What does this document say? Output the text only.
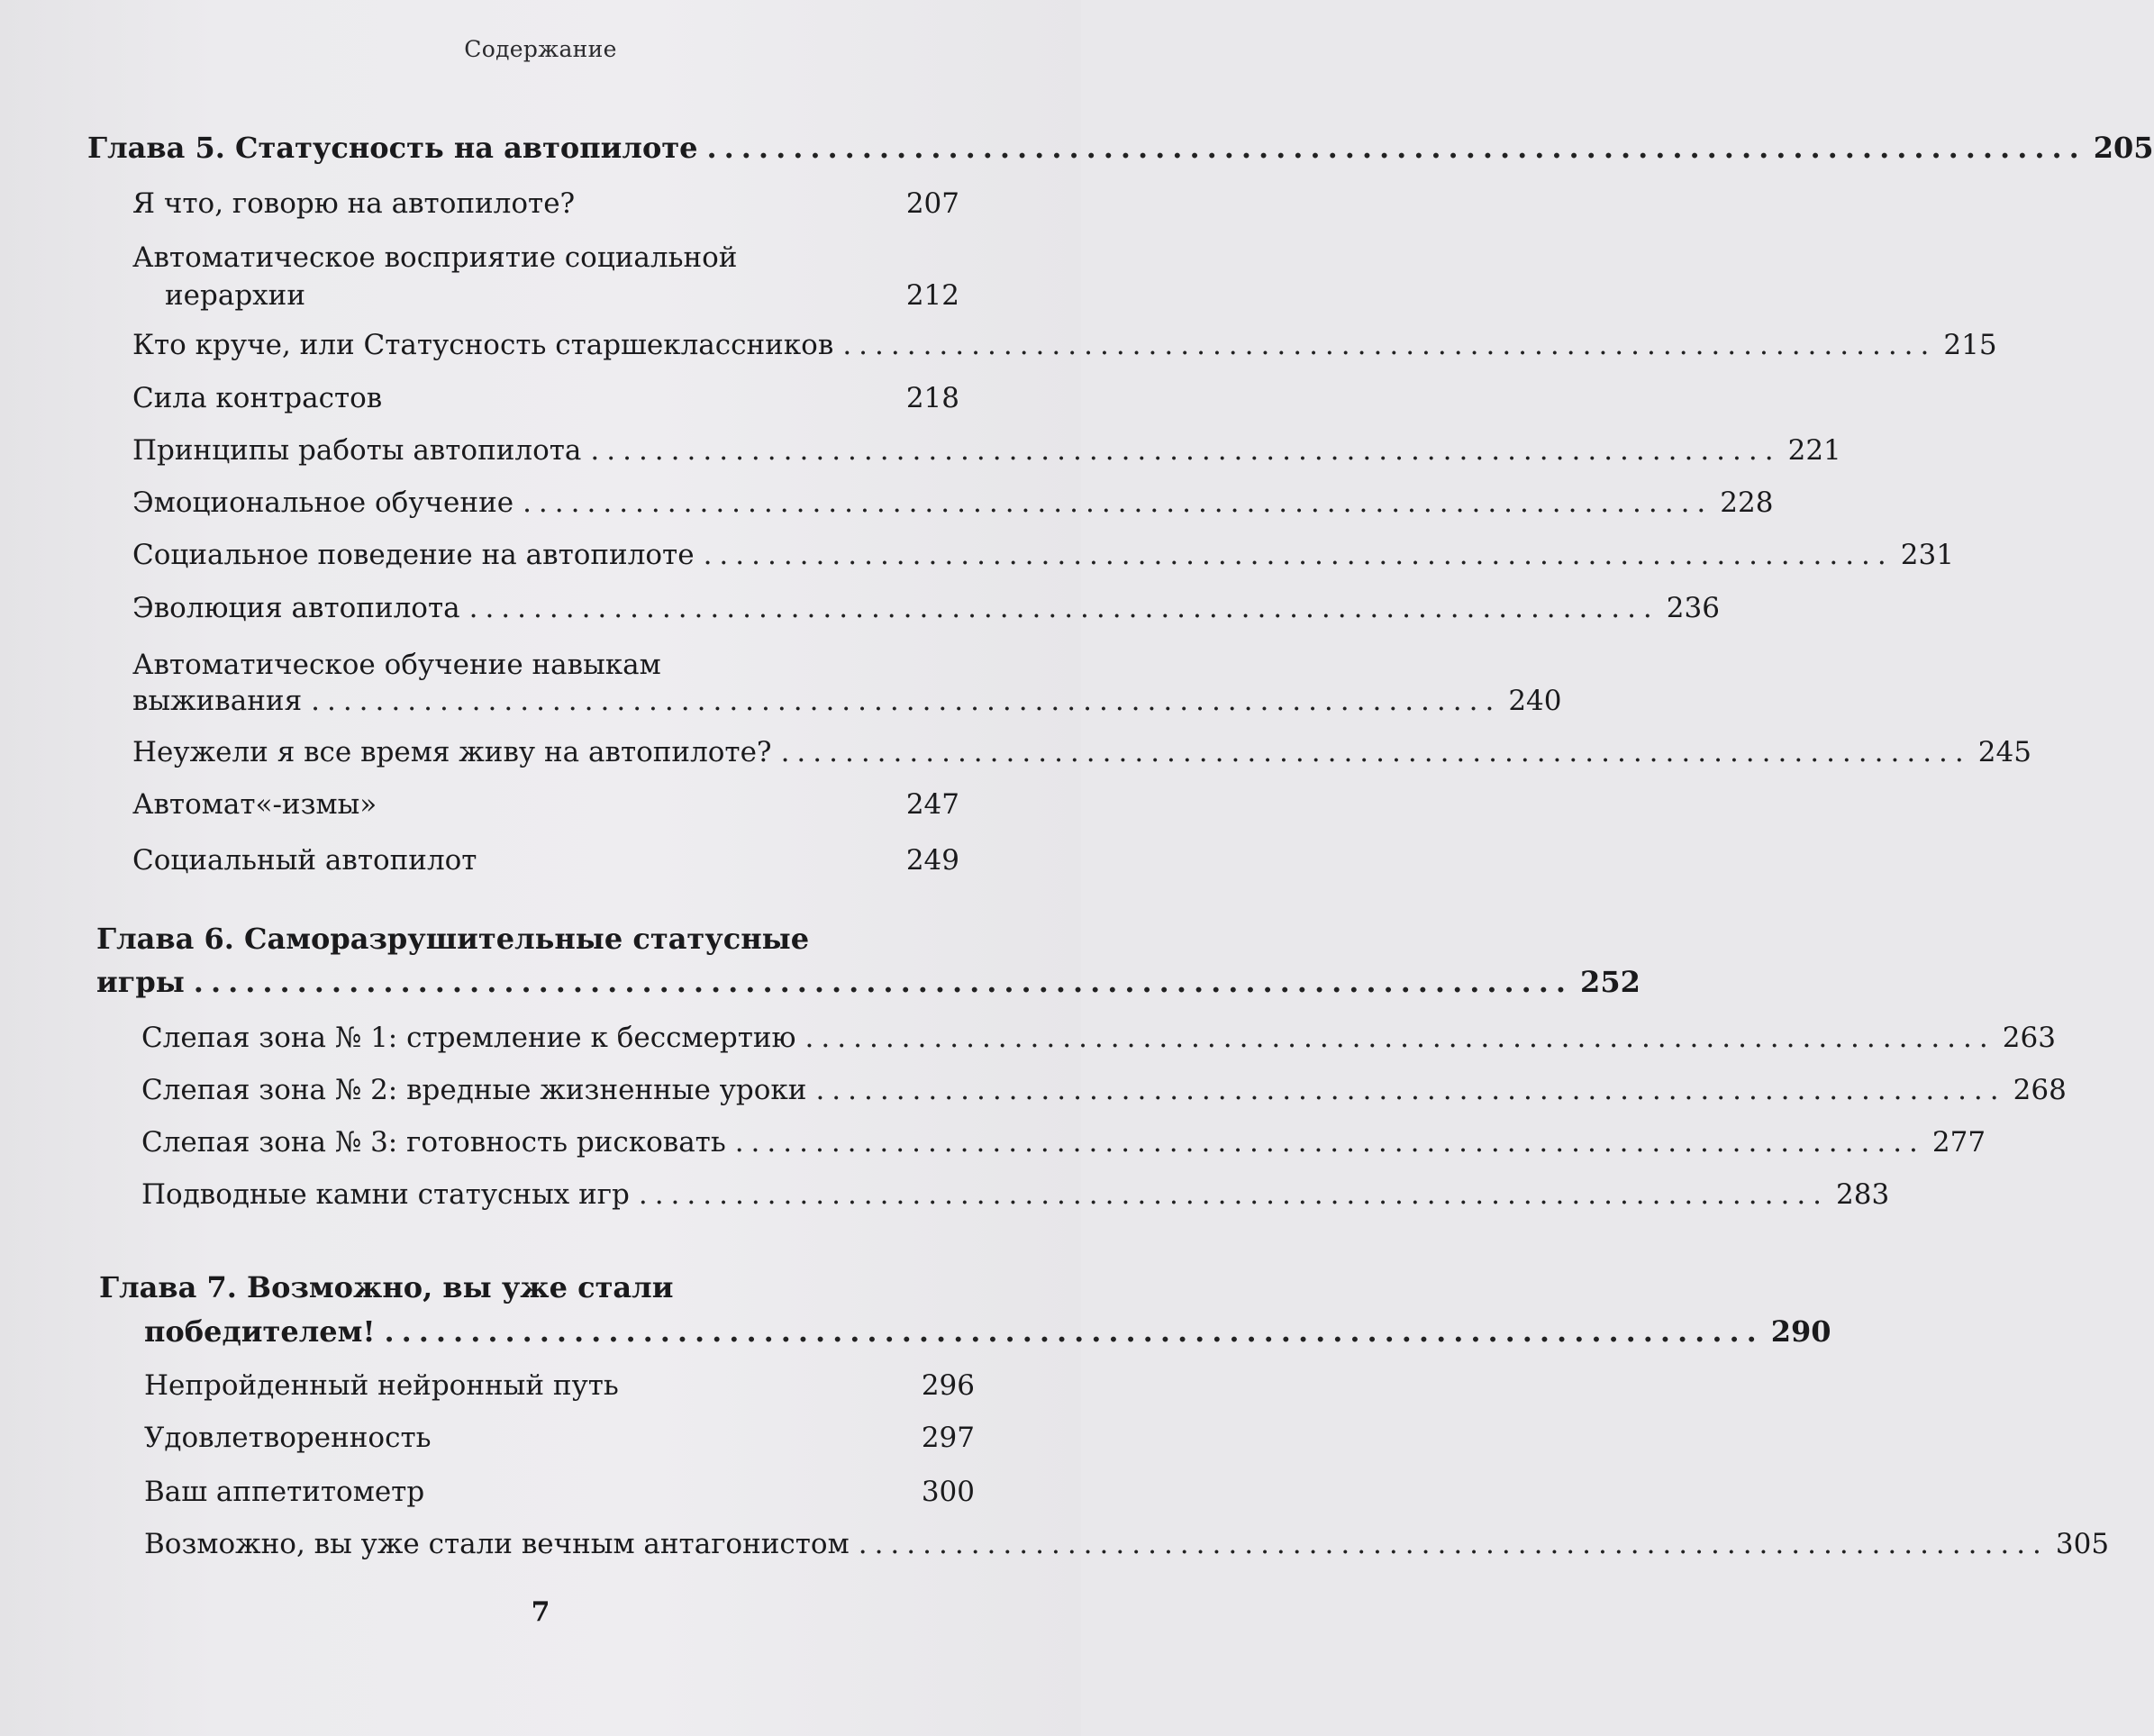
Содержание
Глава 5. Статусность на автопилоте ................................................................................ 205
Я что, говорю на автопилоте?	207
Автоматическое восприятие социальной
иерархии	212
Кто круче, или Статусность старшеклассников .................................................................... 215
Сила контрастов	218
Принципы работы автопилота .......................................................................... 221
Эмоциональное обучение .......................................................................... 228
Социальное поведение на автопилоте .......................................................................... 231
Эволюция автопилота .......................................................................... 236
Автоматическое обучение навыкам
выживания .......................................................................... 240
Неужели я все время живу на автопилоте? .......................................................................... 245
Автомат«-измы»	247
Социальный автопилот	249
Глава 6. Саморазрушительные статусные
игры ................................................................................ 252
Слепая зона № 1: стремление к бессмертию .......................................................................... 263
Слепая зона № 2: вредные жизненные уроки .......................................................................... 268
Слепая зона № 3: готовность рисковать .......................................................................... 277
Подводные камни статусных игр .......................................................................... 283
Глава 7. Возможно, вы уже стали
победителем! ................................................................................ 290
Непройденный нейронный путь	296
Удовлетворенность	297
Ваш аппетитометр	300
Возможно, вы уже стали вечным антагонистом .......................................................................... 305
7
